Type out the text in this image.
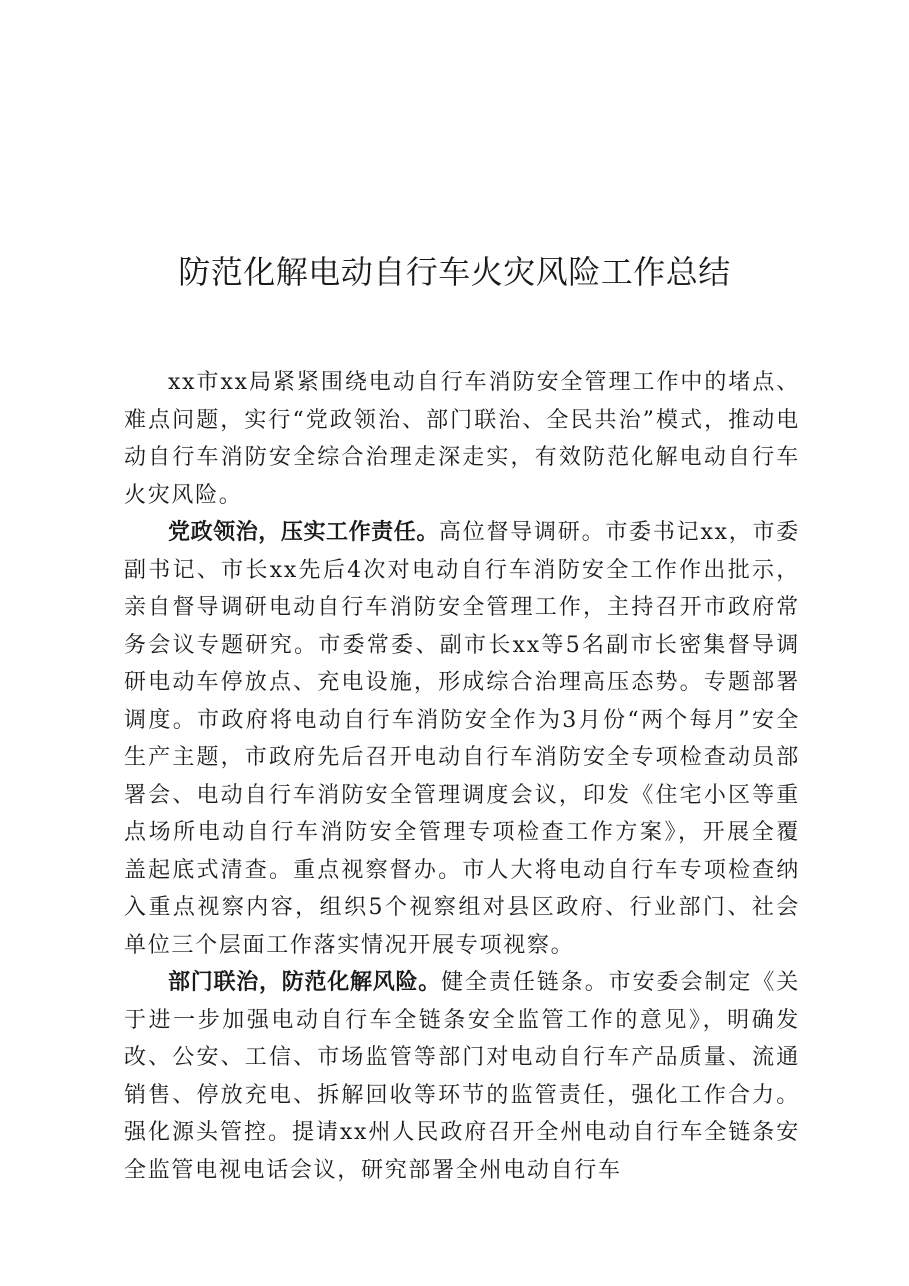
防范化解电动自行车火灾风险工作总结

xx市xx局紧紧围绕电动自行车消防安全管理工作中的堵点、难点问题，实行“党政领治、部门联治、全民共治”模式，推动电动自行车消防安全综合治理走深走实，有效防范化解电动自行车火灾风险。

党政领治，压实工作责任。高位督导调研。市委书记xx，市委副书记、市长xx先后4次对电动自行车消防安全工作作出批示，亲自督导调研电动自行车消防安全管理工作，主持召开市政府常务会议专题研究。市委常委、副市长xx等5名副市长密集督导调研电动车停放点、充电设施，形成综合治理高压态势。专题部署调度。市政府将电动自行车消防安全作为3月份“两个每月”安全生产主题，市政府先后召开电动自行车消防安全专项检查动员部署会、电动自行车消防安全管理调度会议，印发《住宅小区等重点场所电动自行车消防安全管理专项检查工作方案》，开展全覆盖起底式清查。重点视察督办。市人大将电动自行车专项检查纳入重点视察内容，组织5个视察组对县区政府、行业部门、社会单位三个层面工作落实情况开展专项视察。

部门联治，防范化解风险。健全责任链条。市安委会制定《关于进一步加强电动自行车全链条安全监管工作的意见》，明确发改、公安、工信、市场监管等部门对电动自行车产品质量、流通销售、停放充电、拆解回收等环节的监管责任，强化工作合力。强化源头管控。提请xx州人民政府召开全州电动自行车全链条安全监管电视电话会议，研究部署全州电动自行车
